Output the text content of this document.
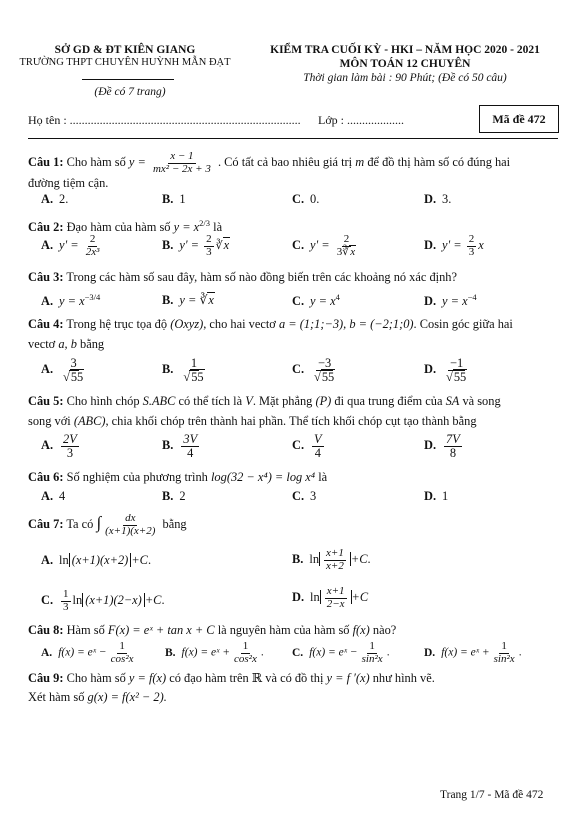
SỞ GD & ĐT KIÊN GIANG
TRƯỜNG THPT CHUYÊN HUỲNH MẪN ĐẠT
(Đề có 7 trang)
KIỂM TRA CUỐI KỲ - HKI – NĂM HỌC 2020 - 2021
MÔN TOÁN 12 CHUYÊN
Thời gian làm bài : 90 Phút; (Đề có 50 câu)
Họ tên : ............................................................................. Lớp : ...................	Mã đề 472
Câu 1: Cho hàm số $y = \frac{x - 1}{\text{mx² − 2x + 3}}$ . Có tất cả bao nhiêu giá trị m để đồ thị hàm số có đúng hai
đường tiệm cận.
A. 2.	B. 1	C. 0.	D. 3.
Câu 2: Đạo hàm của hàm số $y = x^{2/3}$ là
A. $y' = \frac{2}{\text{2x³}}$	B. $y' = \frac{2}{3}$ ∛x	C. $y' = \frac{2}{3∛x}$	D. $y' = \frac{2}{3}$ x
Câu 3: Trong các hàm số sau đây, hàm số nào đồng biến trên các khoảng nó xác định?
A. $y = x^{-3/4}$	B. y = ∛x	C. $y = x^4$	D. $y = x^{-4}$
Câu 4: Trong hệ trục tọa độ (Oxyz), cho hai vectơ a = (1;1;−3), b = (−2;1;0). Cosin góc giữa hai
vectơ a, b bằng
A. $\frac{3}{√55}$	B. $\frac{1}{√55}$	C. $\frac{-3}{√55}$	D. $\frac{-1}{√55}$
Câu 5: Cho hình chóp S.ABC có thể tích là V. Mặt phẳng (P) đi qua trung điểm của SA và song
song với (ABC), chia khối chóp trên thành hai phần. Thể tích khối chóp cụt tạo thành bằng
A. $\frac{2V}{3}$	B. $\frac{3V}{4}$	C. $\frac{V}{4}$	D. $\frac{7V}{8}$
Câu 6: Số nghiệm của phương trình log(32 − x⁴) = log x⁴ là
A. 4	B. 2	C. 3	D. 1
Câu 7: Ta có ∫ $\frac{dx}{(x+1)(x+2)}$ bằng
A. ln (x+1)(x+2) +C.	B. $\ln \frac{x+1}{x+2} +C$.
C. $\frac{1}{3}$ ln (x+1)(2−x) +C.	D. $\ln \frac{x+1}{2-x} +C$
Câu 8: Hàm số F(x) = eˣ + tan x + C là nguyên hàm của hàm số f(x) nào?
A. f(x) = eˣ − $\frac{1}{\text{cos²x}}$	B. f(x) = eˣ + $\frac{1}{\text{cos²x}}$ . C. f(x) = eˣ − $\frac{1}{\text{sin²x}}$ .	D. f(x) = eˣ + $\frac{1}{\text{sin²x}}$ .
Câu 9: Cho hàm số y = f(x) có đạo hàm trên ℝ và có đồ thị y = f ′(x) như hình vẽ.
Xét hàm số g(x) = f(x² − 2).
Trang 1/7 - Mã đề 472
